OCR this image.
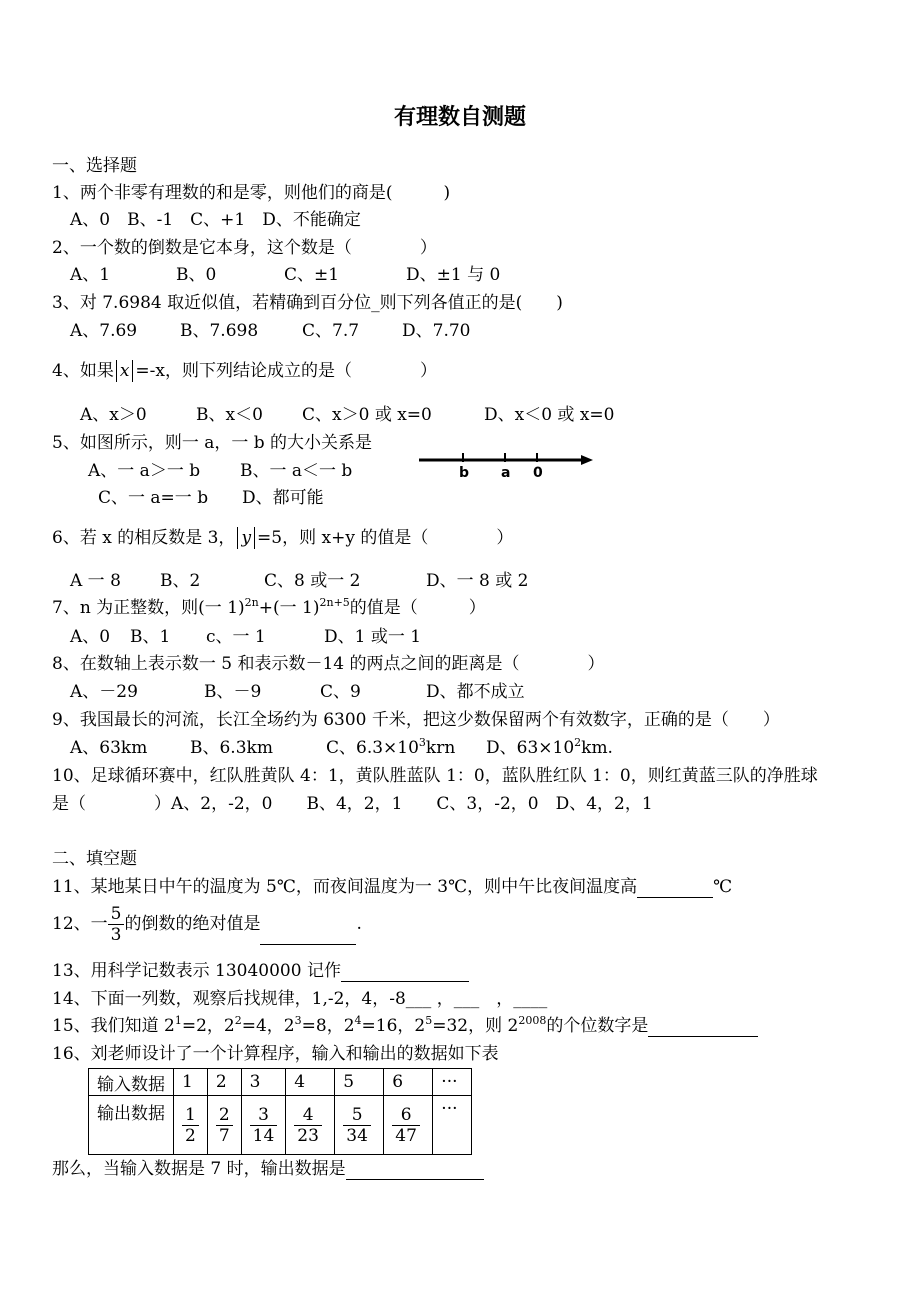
有理数自测题
一、选择题
1、两个非零有理数的和是零，则他们的商是(　　　)
A、0　B、-1　C、+1　D、不能确定
2、一个数的倒数是它本身，这个数是（　　　　）
A、1	B、0	C、±1	D、±1 与 0
3、对 7.6984 取近似值，若精确到百分位_则下列各值正的是(　　)
A、7.69	B、7.698	C、7.7	D、7.70
4、如果 x =-x，则下列结论成立的是（　　　　）
A、x＞0	B、x＜0 C、x＞0 或 x=0	D、x＜0 或 x=0
5、如图所示，则一 a，一 b 的大小关系是
A、一 a＞一 b B、一 a＜一 b
C、一 a=一 b D、都可能
b a 0
6、若 x 的相反数是 3， y =5，则 x+y 的值是（　　　　）
A 一 8 B、2	C、8 或一 2	D、一 8 或 2
7、n 为正整数，则(一 1)$^{2n}$+(一 1)$^{2n+5}$的值是（　　　）
A、0 B、1 c、一 1	D、1 或一 1
8、在数轴上表示数一 5 和表示数－14 的两点之间的距离是（　　　　）
A、－29	B、－9	C、9	D、都不成立
9、我国最长的河流，长江全场约为 6300 千米，把这少数保留两个有效数字，正确的是（　　）
A、63km	B、6.3km	C、$6.3\times 10^3krn$ D、$63\times 10^2km$.
10、足球循环赛中，红队胜黄队 4：1，黄队胜蓝队 1：0，蓝队胜红队 1：0，则红黄蓝三队的净胜球
是（　　　　）A、2，-2，0　　B、4，2，1　　C、3，-2，0　D、4，2，1
二、填空题
11、某地某日中午的温度为 5℃，而夜间温度为一 3℃，则中午比夜间温度高	℃
12、一 $\frac{5}{3}$ 的倒数的绝对值是	.
13、用科学记数表示 13040000 记作
14、下面一列数，观察后找规律，1,-2，4，-8___ ，___　，____
15、我们知道 $2^1=2$，$2^2=4$，$2^3=8$，$2^4=16$，$2^5=32$，则 $2^{2008}$的个位数字是
16、刘老师设计了一个计算程序，输入和输出的数据如下表
输入数据	1	2	3	4	5	6	···
输出数据	$\frac{1}{2}$	$\frac{2}{7}$	$\frac{3}{14}$	$\frac{4}{23}$	$\frac{5}{34}$	$\frac{6}{47}$	···
那么，当输入数据是 7 时，输出数据是
